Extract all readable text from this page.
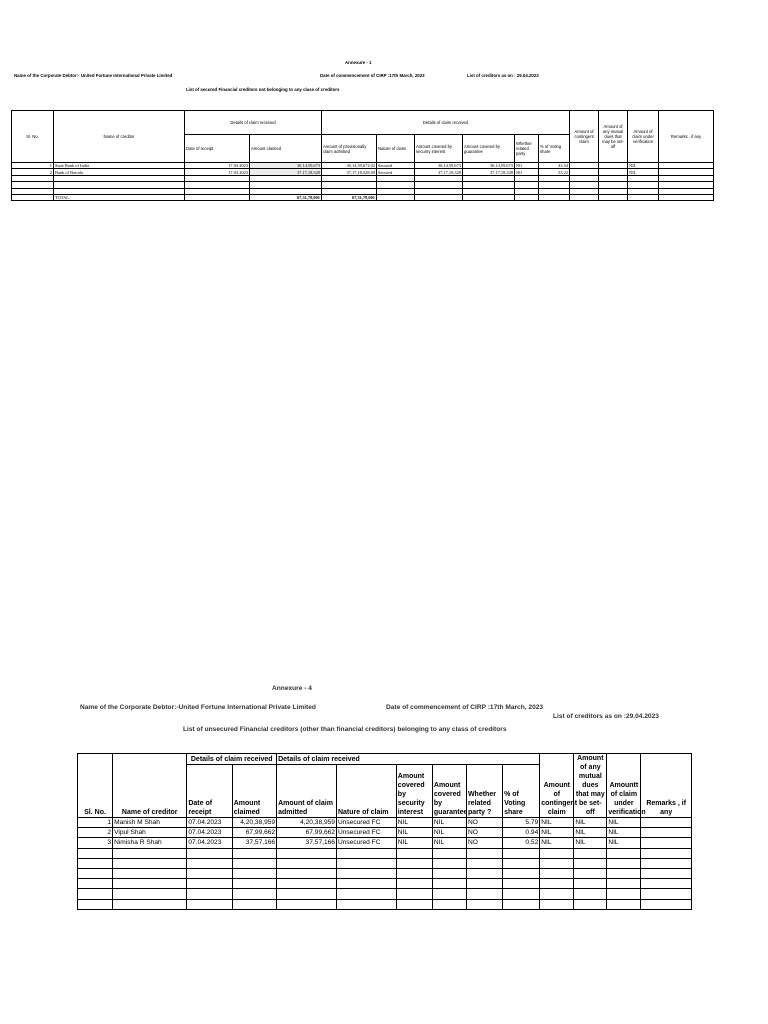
Annexure - 1
Name of the Corporate Debtor:- United Fortune International Private Limited	Date of commencement of CIRP :17th March, 2023	List of creditors as on : 29.04.2023
List of secured Financial creditors not belonging to any class of creditors
Sl. No.	Name of creditor	Details of claim received		Details of claim received						Amount of contingent claim	Amount of any mutual dues that may be set-off	Amount of claim under verification	Remarks , if any
		Date of receipt	Amount claimed	Amount of provisionally claim admitted	Nature of claim	Amount covered by security interest	Amount covered by guarantee	Whether related party	% of Voting share				
1	State Bank of India	17.03.2023	30,14,59,673	30,14,59,672.02	Secured	30,14,59,673	30,14,59,673	NO	43.54			NIL	
2	Bank of Baroda	17.03.2023	37,17,18,328	37,17,18,328.00	Secured	37,17,18,328	37,17,18,328	NO	53.22			NIL	

	TOTAL		67,31,78,001	67,31,78,001									
Annexure - 4
Name of the Corporate Debtor:-United Fortune International Private Limited	Date of commencement of CIRP :17th March, 2023
List of creditors as on :29.04.2023
List of unsecured Financial creditors (other than financial creditors) belonging to any class of creditors
Sl. No.	Name of creditor	Details of claim received		Details of claim received						Amount of contingent claim	Amount of any mutual dues that may be set- off	Amountt of claim under verification	Remarks , if any
		Date of receipt	Amount claimed	Amount of claim admitted	Nature of claim	Amount covered by security interest	Amount covered by guarantee	Whether related party ?	% of Voting share				
1	Manish M Shah	07.04.2023	4,20,38,959	4,20,38,959	Unsecured FC	NIL	NIL	NO	5.79	NIL	NIL	NIL	
2	Vipul Shah	07.04.2023	67,99,662	67,99,662	Unsecured FC	NIL	NIL	NO	0.94	NIL	NIL	NIL	
3	Nimisha R Shah	07.04.2023	37,57,166	37,57,166	Unsecured FC	NIL	NIL	NO	0.52	NIL	NIL	NIL	
